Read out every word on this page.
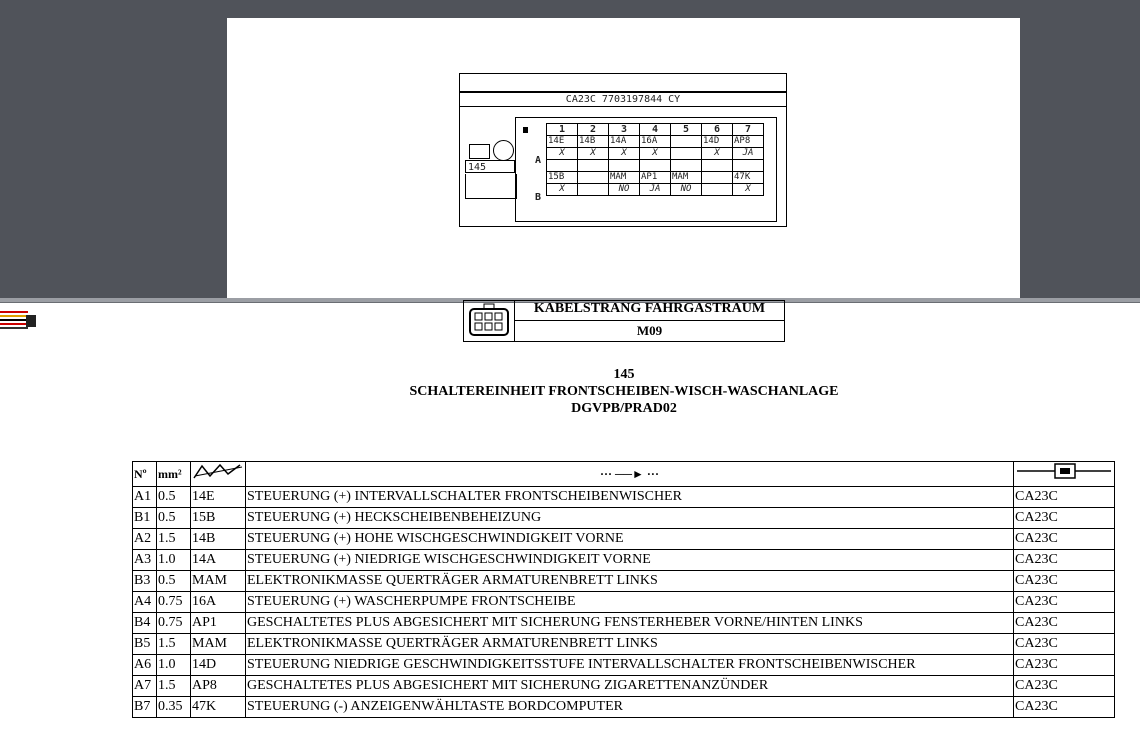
CA23C 7703197844 CY
145
A
B
1	2	3	4	5	6	7
14E	14B	14A	16A		14D	AP8
X	X	X	X		X	JA

15B		MAM	AP1	MAM		47K
X		NO	JA	NO		X
KABELSTRANG FAHRGASTRAUM
M09
145
SCHALTEREINHEIT FRONTSCHEIBEN-WISCH-WASCHANLAGE
DGVPB/PRAD02
Nº	mm²		··· ──► ···	
A1	0.5	14E	STEUERUNG (+) INTERVALLSCHALTER FRONTSCHEIBENWISCHER	CA23C
B1	0.5	15B	STEUERUNG (+) HECKSCHEIBENBEHEIZUNG	CA23C
A2	1.5	14B	STEUERUNG (+) HOHE WISCHGESCHWINDIGKEIT VORNE	CA23C
A3	1.0	14A	STEUERUNG (+) NIEDRIGE WISCHGESCHWINDIGKEIT VORNE	CA23C
B3	0.5	MAM	ELEKTRONIKMASSE QUERTRÄGER ARMATURENBRETT LINKS	CA23C
A4	0.75	16A	STEUERUNG (+) WASCHERPUMPE FRONTSCHEIBE	CA23C
B4	0.75	AP1	GESCHALTETES PLUS ABGESICHERT MIT SICHERUNG FENSTERHEBER VORNE/HINTEN LINKS	CA23C
B5	1.5	MAM	ELEKTRONIKMASSE QUERTRÄGER ARMATURENBRETT LINKS	CA23C
A6	1.0	14D	STEUERUNG NIEDRIGE GESCHWINDIGKEITSSTUFE INTERVALLSCHALTER FRONTSCHEIBENWISCHER	CA23C
A7	1.5	AP8	GESCHALTETES PLUS ABGESICHERT MIT SICHERUNG ZIGARETTENANZÜNDER	CA23C
B7	0.35	47K	STEUERUNG (-) ANZEIGENWÄHLTASTE BORDCOMPUTER	CA23C
